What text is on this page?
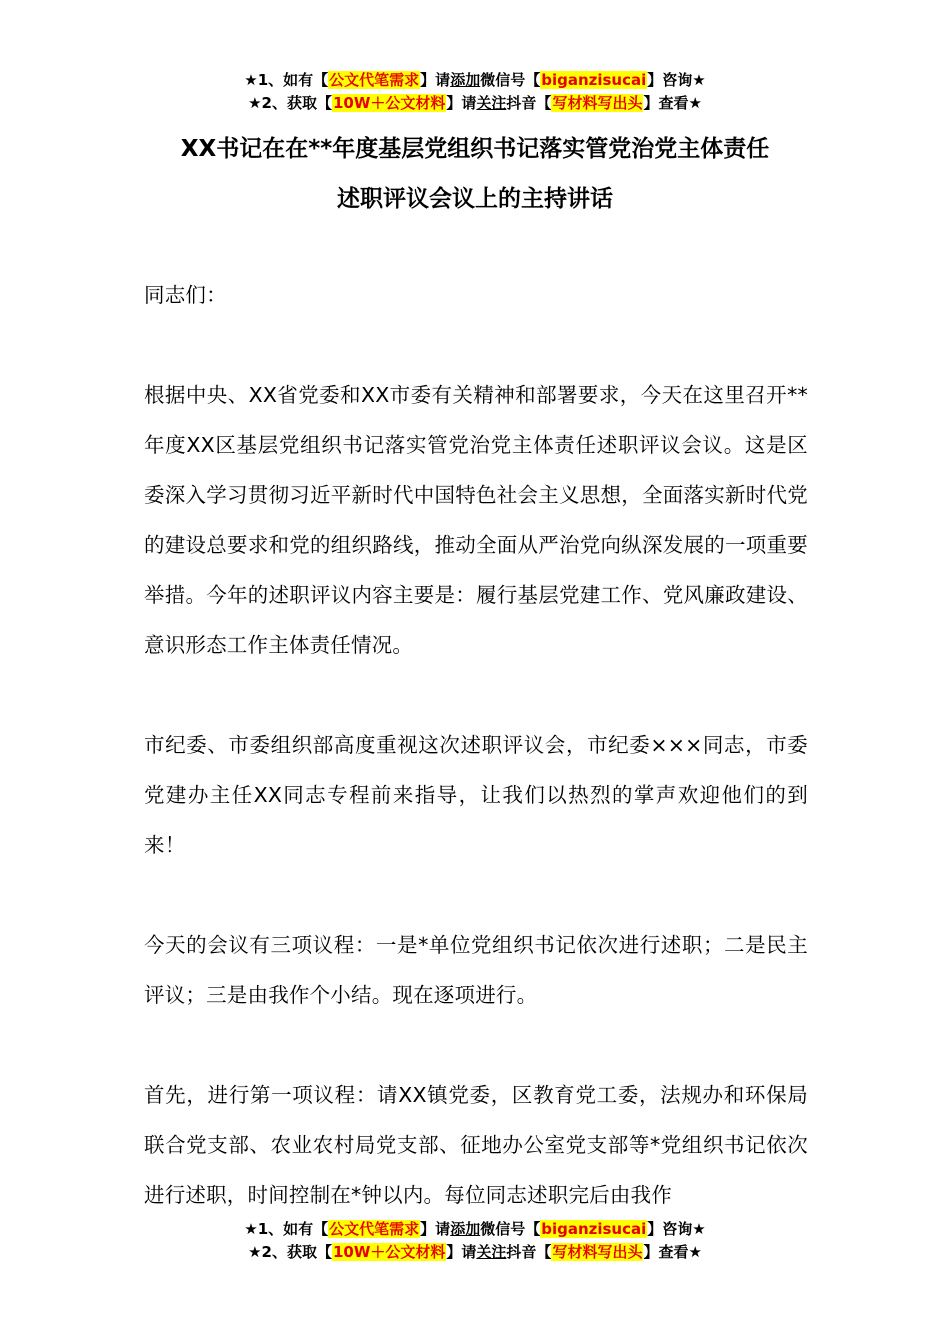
★1、如有【公文代笔需求】请添加微信号【biganzisucai】咨询★
★2、获取【10W＋公文材料】请关注抖音【写材料写出头】查看★
XX书记在在**年度基层党组织书记落实管党治党主体责任
述职评议会议上的主持讲话

同志们：

根据中央、XX省党委和XX市委有关精神和部署要求，今天在这里召开**年度XX区基层党组织书记落实管党治党主体责任述职评议会议。这是区委深入学习贯彻习近平新时代中国特色社会主义思想，全面落实新时代党的建设总要求和党的组织路线，推动全面从严治党向纵深发展的一项重要举措。今年的述职评议内容主要是：履行基层党建工作、党风廉政建设、意识形态工作主体责任情况。

市纪委、市委组织部高度重视这次述职评议会，市纪委×××同志，市委党建办主任XX同志专程前来指导，让我们以热烈的掌声欢迎他们的到来！

今天的会议有三项议程：一是*单位党组织书记依次进行述职；二是民主评议；三是由我作个小结。现在逐项进行。

首先，进行第一项议程：请XX镇党委，区教育党工委，法规办和环保局联合党支部、农业农村局党支部、征地办公室党支部等*党组织书记依次进行述职，时间控制在*钟以内。每位同志述职完后由我作

★1、如有【公文代笔需求】请添加微信号【biganzisucai】咨询★
★2、获取【10W＋公文材料】请关注抖音【写材料写出头】查看★
